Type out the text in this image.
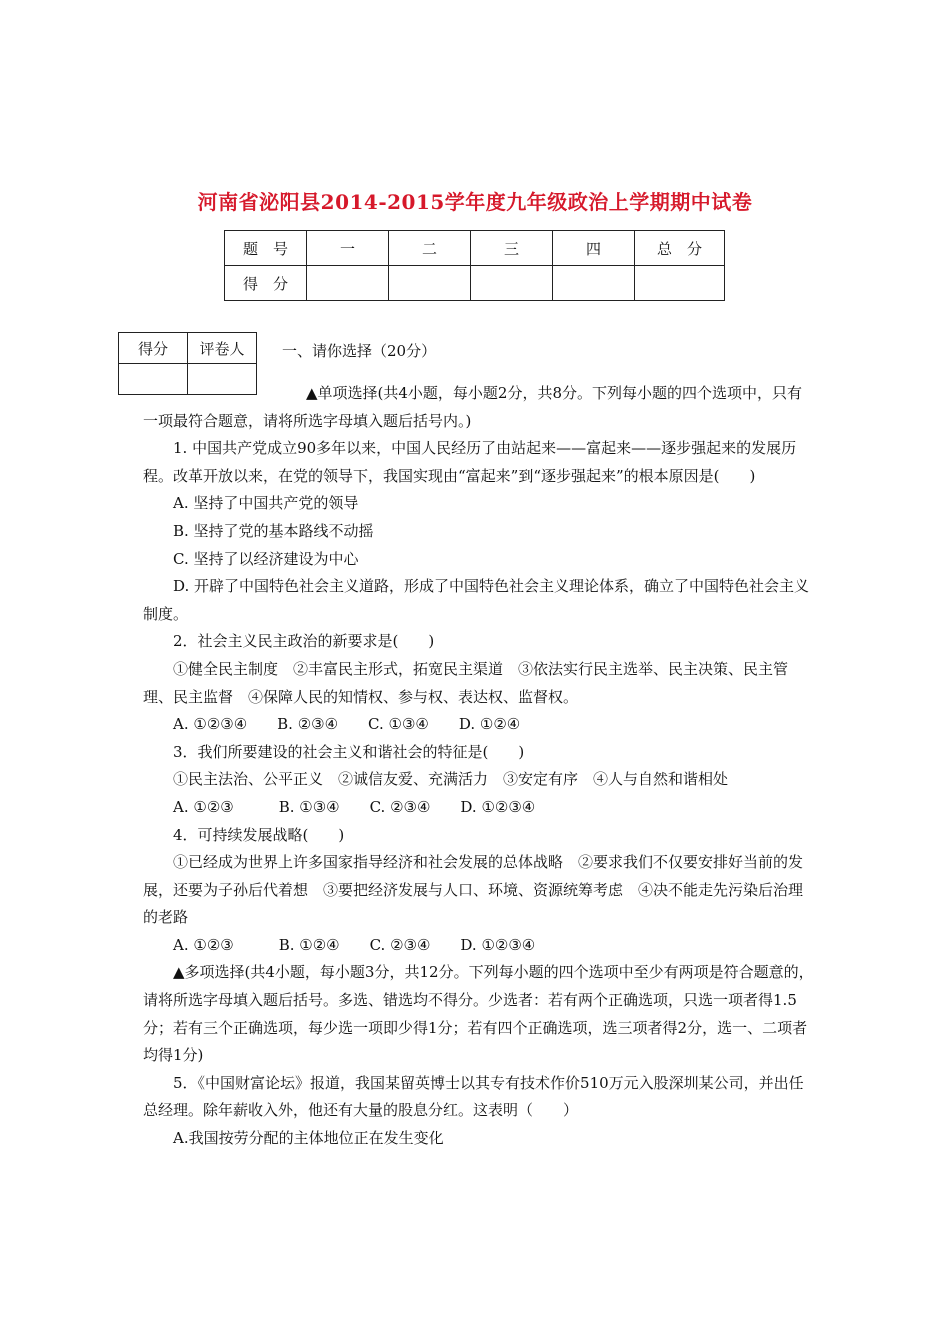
河南省泌阳县2014-2015学年度九年级政治上学期期中试卷
题　号	一	二	三	四	总　分
得　分					
得分	评卷人
		一、请你选择（20分）

▲单项选择(共4小题，每小题2分，共8分。下列每小题的四个选项中，只有一项最符合题意，请将所选字母填入题后括号内。)

1. 中国共产党成立90多年以来，中国人民经历了由站起来——富起来——逐步强起来的发展历程。改革开放以来，在党的领导下，我国实现由“富起来”到“逐步强起来”的根本原因是(　　)

A. 坚持了中国共产党的领导

B. 坚持了党的基本路线不动摇

C. 坚持了以经济建设为中心

D. 开辟了中国特色社会主义道路，形成了中国特色社会主义理论体系，确立了中国特色社会主义制度。

2．社会主义民主政治的新要求是(　　)

①健全民主制度　②丰富民主形式，拓宽民主渠道　③依法实行民主选举、民主决策、民主管理、民主监督　④保障人民的知情权、参与权、表达权、监督权。

A. ①②③④　　B. ②③④　　C. ①③④　　D. ①②④

3．我们所要建设的社会主义和谐社会的特征是(　　)

①民主法治、公平正义　②诚信友爱、充满活力　③安定有序　④人与自然和谐相处

A. ①②③　　　B. ①③④　　C. ②③④　　D. ①②③④

4．可持续发展战略(　　)

①已经成为世界上许多国家指导经济和社会发展的总体战略　②要求我们不仅要安排好当前的发展，还要为子孙后代着想　③要把经济发展与人口、环境、资源统筹考虑　④决不能走先污染后治理的老路

A. ①②③　　　B. ①②④　　C. ②③④　　D. ①②③④

▲多项选择(共4小题，每小题3分，共12分。下列每小题的四个选项中至少有两项是符合题意的，请将所选字母填入题后括号。多选、错选均不得分。少选者：若有两个正确选项，只选一项者得1.5分；若有三个正确选项，每少选一项即少得1分；若有四个正确选项，选三项者得2分，选一、二项者均得1分)

5．《中国财富论坛》报道，我国某留英博士以其专有技术作价510万元入股深圳某公司，并出任总经理。除年薪收入外，他还有大量的股息分红。这表明（　　）

A.我国按劳分配的主体地位正在发生变化
